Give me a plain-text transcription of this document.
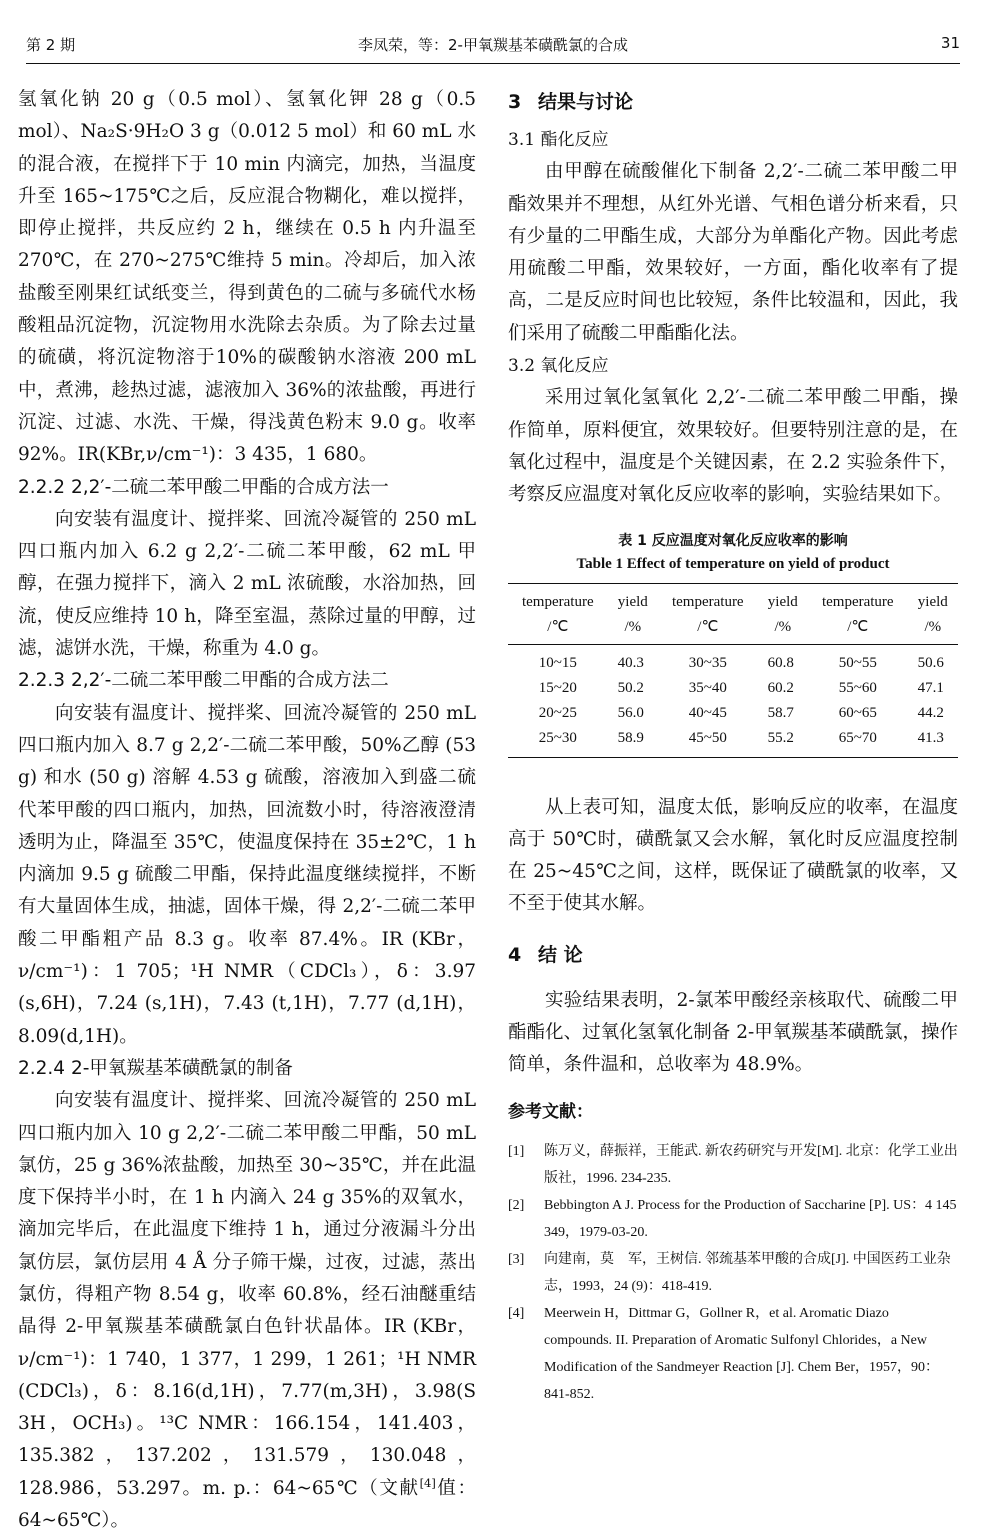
第 2 期	李凤荣，等：2-甲氧羰基苯磺酰氯的合成	31

氢氧化钠 20 g（0.5 mol）、氢氧化钾 28 g（0.5 mol）、Na₂S·9H₂O 3 g（0.012 5 mol）和 60 mL 水的混合液，在搅拌下于 10 min 内滴完，加热，当温度升至 165~175℃之后，反应混合物糊化，难以搅拌，即停止搅拌，共反应约 2 h，继续在 0.5 h 内升温至 270℃，在 270~275℃维持 5 min。冷却后，加入浓盐酸至刚果红试纸变兰，得到黄色的二硫与多硫代水杨酸粗品沉淀物，沉淀物用水洗除去杂质。为了除去过量的硫磺，将沉淀物溶于10%的碳酸钠水溶液 200 mL 中，煮沸，趁热过滤，滤液加入 36%的浓盐酸，再进行沉淀、过滤、水洗、干燥，得浅黄色粉末 9.0 g。收率 92%。IR(KBr,ν/cm⁻¹)：3 435，1 680。

2.2.2 2,2′-二硫二苯甲酸二甲酯的合成方法一

向安装有温度计、搅拌桨、回流冷凝管的 250 mL 四口瓶内加入 6.2 g 2,2′-二硫二苯甲酸，62 mL 甲醇，在强力搅拌下，滴入 2 mL 浓硫酸，水浴加热，回流，使反应维持 10 h，降至室温，蒸除过量的甲醇，过滤，滤饼水洗，干燥，称重为 4.0 g。

2.2.3 2,2′-二硫二苯甲酸二甲酯的合成方法二

向安装有温度计、搅拌桨、回流冷凝管的 250 mL 四口瓶内加入 8.7 g 2,2′-二硫二苯甲酸，50%乙醇 (53 g) 和水 (50 g) 溶解 4.53 g 硫酸，溶液加入到盛二硫代苯甲酸的四口瓶内，加热，回流数小时，待溶液澄清透明为止，降温至 35℃，使温度保持在 35±2℃，1 h 内滴加 9.5 g 硫酸二甲酯，保持此温度继续搅拌，不断有大量固体生成，抽滤，固体干燥，得 2,2′-二硫二苯甲酸二甲酯粗产品 8.3 g。收率 87.4%。IR (KBr，ν/cm⁻¹)：1 705；¹H NMR（CDCl₃），δ：3.97 (s,6H)，7.24 (s,1H)，7.43 (t,1H)，7.77 (d,1H)，8.09(d,1H)。

2.2.4 2-甲氧羰基苯磺酰氯的制备

向安装有温度计、搅拌桨、回流冷凝管的 250 mL 四口瓶内加入 10 g 2,2′-二硫二苯甲酸二甲酯，50 mL 氯仿，25 g 36%浓盐酸，加热至 30~35℃，并在此温度下保持半小时，在 1 h 内滴入 24 g 35%的双氧水，滴加完毕后，在此温度下维持 1 h，通过分液漏斗分出氯仿层，氯仿层用 4 Å 分子筛干燥，过夜，过滤，蒸出氯仿，得粗产物 8.54 g，收率 60.8%，经石油醚重结晶得 2-甲氧羰基苯磺酰氯白色针状晶体。IR (KBr，ν/cm⁻¹)：1 740，1 377，1 299，1 261；¹H NMR (CDCl₃)，δ：8.16(d,1H)，7.77(m,3H)，3.98(S 3H，OCH₃)。¹³C NMR：166.154，141.403，135.382，137.202，131.579，130.048，128.986，53.297。m. p.：64~65℃（文献[4]值：64~65℃）。

3 结果与讨论

3.1 酯化反应

由甲醇在硫酸催化下制备 2,2′-二硫二苯甲酸二甲酯效果并不理想，从红外光谱、气相色谱分析来看，只有少量的二甲酯生成，大部分为单酯化产物。因此考虑用硫酸二甲酯，效果较好，一方面，酯化收率有了提高，二是反应时间也比较短，条件比较温和，因此，我们采用了硫酸二甲酯酯化法。

3.2 氧化反应

采用过氧化氢氧化 2,2′-二硫二苯甲酸二甲酯，操作简单，原料便宜，效果较好。但要特别注意的是，在氧化过程中，温度是个关键因素，在 2.2 实验条件下，考察反应温度对氧化反应收率的影响，实验结果如下。

表 1 反应温度对氧化反应收率的影响

Table 1 Effect of temperature on yield of product

temperature	yield	temperature	yield	temperature	yield
/℃	/%	/℃	/%	/℃	/%
10~15	40.3	30~35	60.8	50~55	50.6
15~20	50.2	35~40	60.2	55~60	47.1
20~25	56.0	40~45	58.7	60~65	44.2
25~30	58.9	45~50	55.2	65~70	41.3

从上表可知，温度太低，影响反应的收率，在温度高于 50℃时，磺酰氯又会水解，氧化时反应温度控制在 25~45℃之间，这样，既保证了磺酰氯的收率，又不至于使其水解。

4 结 论

实验结果表明，2-氯苯甲酸经亲核取代、硫酸二甲酯酯化、过氧化氢氧化制备 2-甲氧羰基苯磺酰氯，操作简单，条件温和，总收率为 48.9%。

参考文献：

[1] 陈万义，薛振祥，王能武. 新农药研究与开发[M]. 北京：化学工业出版社，1996. 234-235.

[2] Bebbington A J. Process for the Production of Saccharine [P]. US：4 145 349，1979-03-20.

[3] 向建南，莫　军，王树信. 邻巯基苯甲酸的合成[J]. 中国医药工业杂志，1993，24 (9)：418-419.

[4] Meerwein H，Dittmar G，Gollner R，et al. Aromatic Diazo compounds. II. Preparation of Aromatic Sulfonyl Chlorides，a New Modification of the Sandmeyer Reaction [J]. Chem Ber，1957，90：841-852.
